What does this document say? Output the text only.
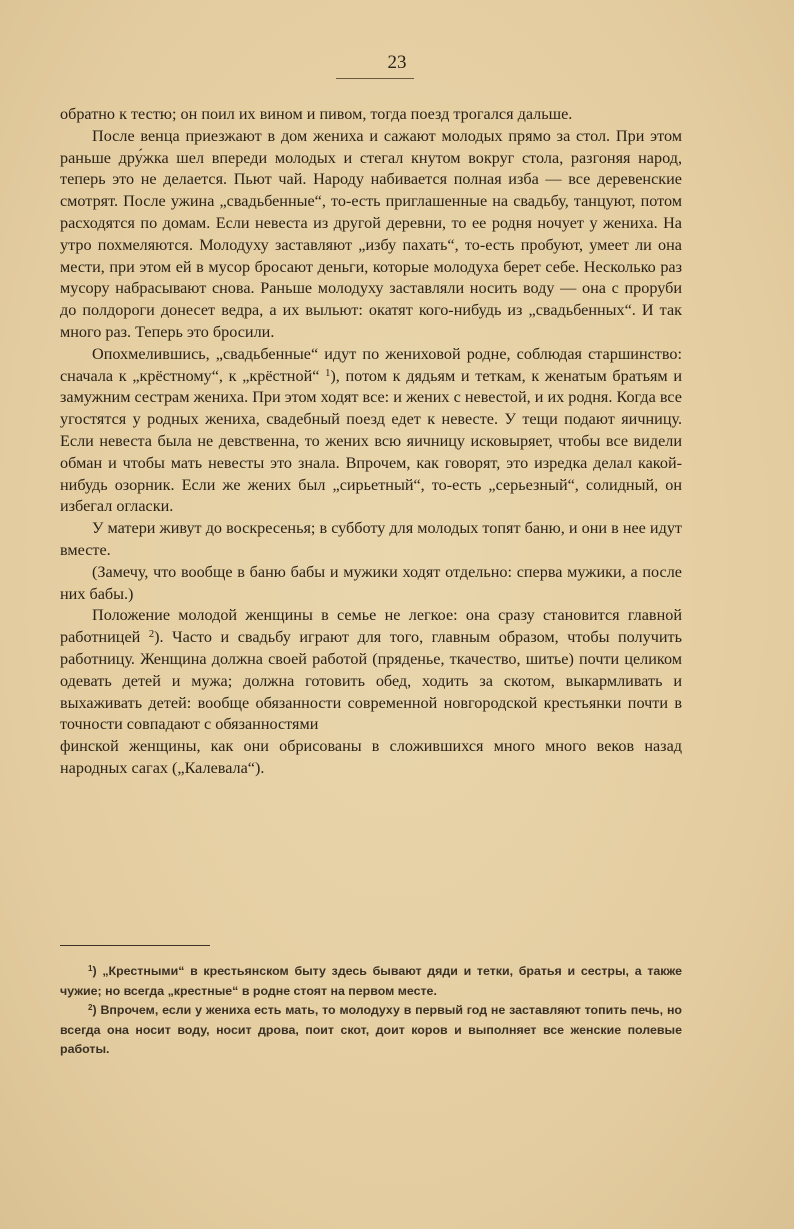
23

обратно к тестю; он поил их вином и пивом, тогда поезд трогался дальше.

После венца приезжают в дом жениха и сажают молодых прямо за стол. При этом раньше дру́жка шел впереди молодых и стегал кнутом вокруг стола, разгоняя народ, теперь это не делается. Пьют чай. Народу набивается полная изба — все деревенские смотрят. После ужина „свадьбенные“, то-есть приглашенные на свадьбу, танцуют, потом расходятся по домам. Если невеста из другой деревни, то ее родня ночует у жениха. На утро похмеляются. Молодуху заставляют „избу пахать“, то-есть пробуют, умеет ли она мести, при этом ей в мусор бросают деньги, которые молодуха берет себе. Несколько раз мусору набрасывают снова. Раньше молодуху заставляли носить воду — она с проруби до полдороги донесет ведра, а их выльют: окатят кого-нибудь из „свадьбенных“. И так много раз. Теперь это бросили.

Опохмелившись, „свадьбенные“ идут по жениховой родне, соблюдая старшинство: сначала к „крёстному“, к „крёстной“ $^1$), потом к дядьям и теткам, к женатым братьям и замужним сестрам жениха. При этом ходят все: и жених с невестой, и их родня. Когда все угостятся у родных жениха, свадебный поезд едет к невесте. У тещи подают яичницу. Если невеста была не девственна, то жених всю яичницу исковыряет, чтобы все видели обман и чтобы мать невесты это знала. Впрочем, как говорят, это изредка делал какой-нибудь озорник. Если же жених был „сирьетный“, то-есть „серьезный“, солидный, он избегал огласки.

У матери живут до воскресенья; в субботу для молодых топят баню, и они в нее идут вместе.

(Замечу, что вообще в баню бабы и мужики ходят отдельно: сперва мужики, а после них бабы.)

Положение молодой женщины в семье не легкое: она сразу становится главной работницей $^2$). Часто и свадьбу играют для того, главным образом, чтобы получить работницу. Женщина должна своей работой (пряденье, ткачество, шитье) почти целиком одевать детей и мужа; должна готовить обед, ходить за скотом, выкармливать и выхаживать детей: вообще обязанности современной новгородской крестьянки почти в точности совпадают с обязанностями

финской женщины, как они обрисованы в сложившихся много много веков назад народных сагах („Калевала“).

$^1$) „Крестными“ в крестьянском быту здесь бывают дяди и тетки, братья и сестры, а также чужие; но всегда „крестные“ в родне стоят на первом месте.

$^2$) Впрочем, если у жениха есть мать, то молодуху в первый год не заставляют топить печь, но всегда она носит воду, носит дрова, поит скот, доит коров и выполняет все женские полевые работы.
